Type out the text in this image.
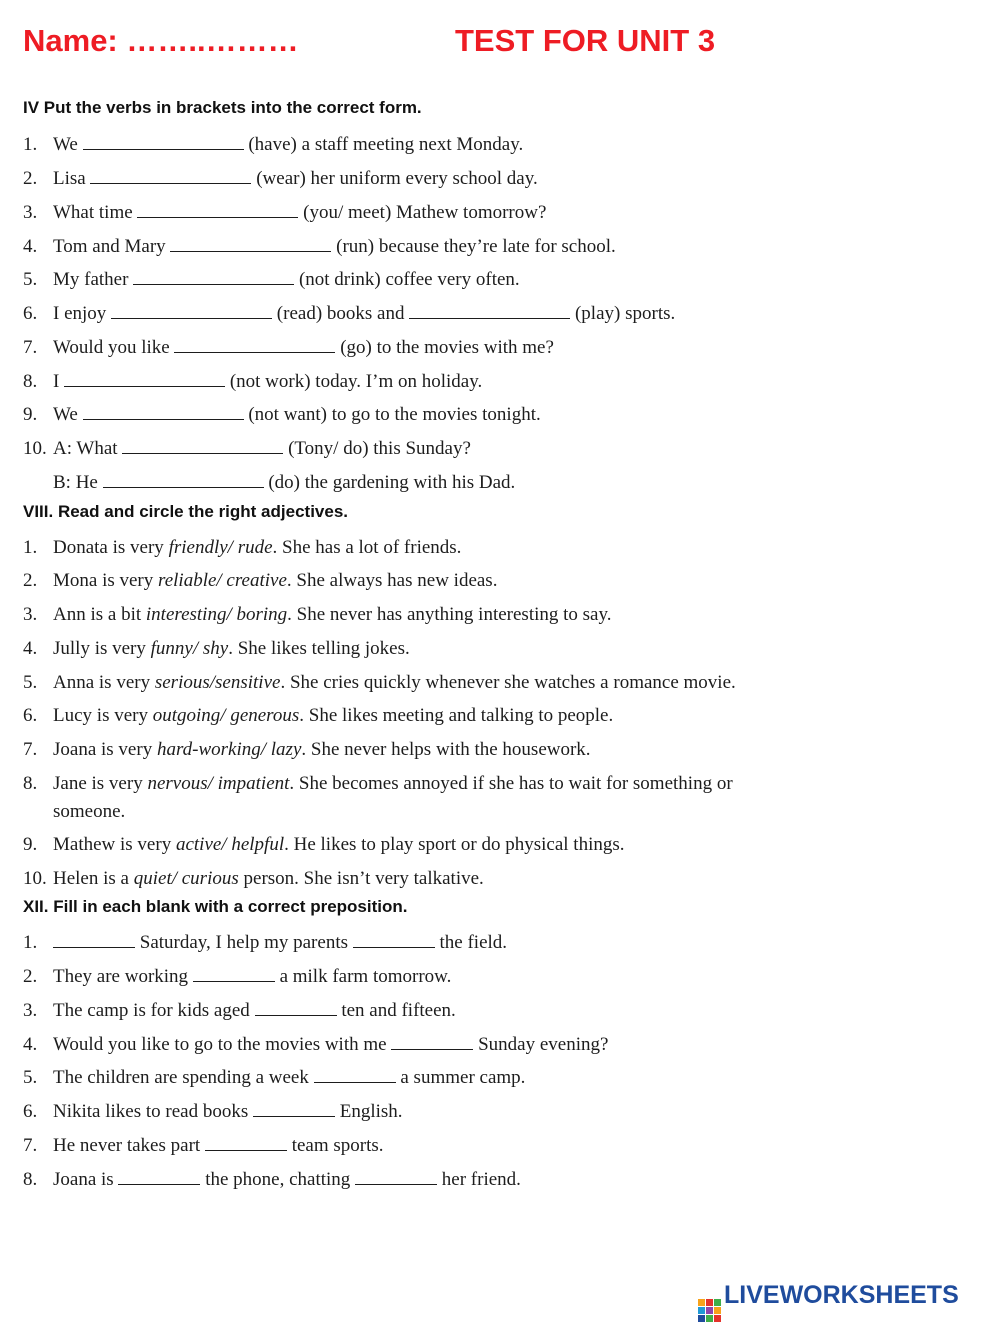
Name: ……..………	TEST FOR UNIT 3
IV Put the verbs in brackets into the correct form.
1. We	(have) a staff meeting next Monday.
2. Lisa	(wear) her uniform every school day.
3. What time	(you/ meet) Mathew tomorrow?
4. Tom and Mary	(run) because they’re late for school.
5. My father	(not drink) coffee very often.
6. I enjoy	(read) books and	(play) sports.
7. Would you like	(go) to the movies with me?
8. I	(not work) today. I’m on holiday.
9. We	(not want) to go to the movies tonight.
10. A: What	(Tony/ do) this Sunday?
B: He	(do) the gardening with his Dad.
VIII. Read and circle the right adjectives.
1. Donata is very friendly/ rude. She has a lot of friends.
2. Mona is very reliable/ creative. She always has new ideas.
3. Ann is a bit interesting/ boring. She never has anything interesting to say.
4. Jully is very funny/ shy. She likes telling jokes.
5. Anna is very serious/sensitive. She cries quickly whenever she watches a romance movie.
6. Lucy is very outgoing/ generous. She likes meeting and talking to people.
7. Joana is very hard-working/ lazy. She never helps with the housework.
8. Jane is very nervous/ impatient. She becomes annoyed if she has to wait for something or
someone.
9. Mathew is very active/ helpful. He likes to play sport or do physical things.
10. Helen is a quiet/ curious person. She isn’t very talkative.
XII. Fill in each blank with a correct preposition.
1.	Saturday, I help my parents	the field.
2. They are working	a milk farm tomorrow.
3. The camp is for kids aged	ten and fifteen.
4. Would you like to go to the movies with me	Sunday evening?
5. The children are spending a week	a summer camp.
6. Nikita likes to read books	English.
7. He never takes part	team sports.
8. Joana is	the phone, chatting	her friend.
LIVEWORKSHEETS
